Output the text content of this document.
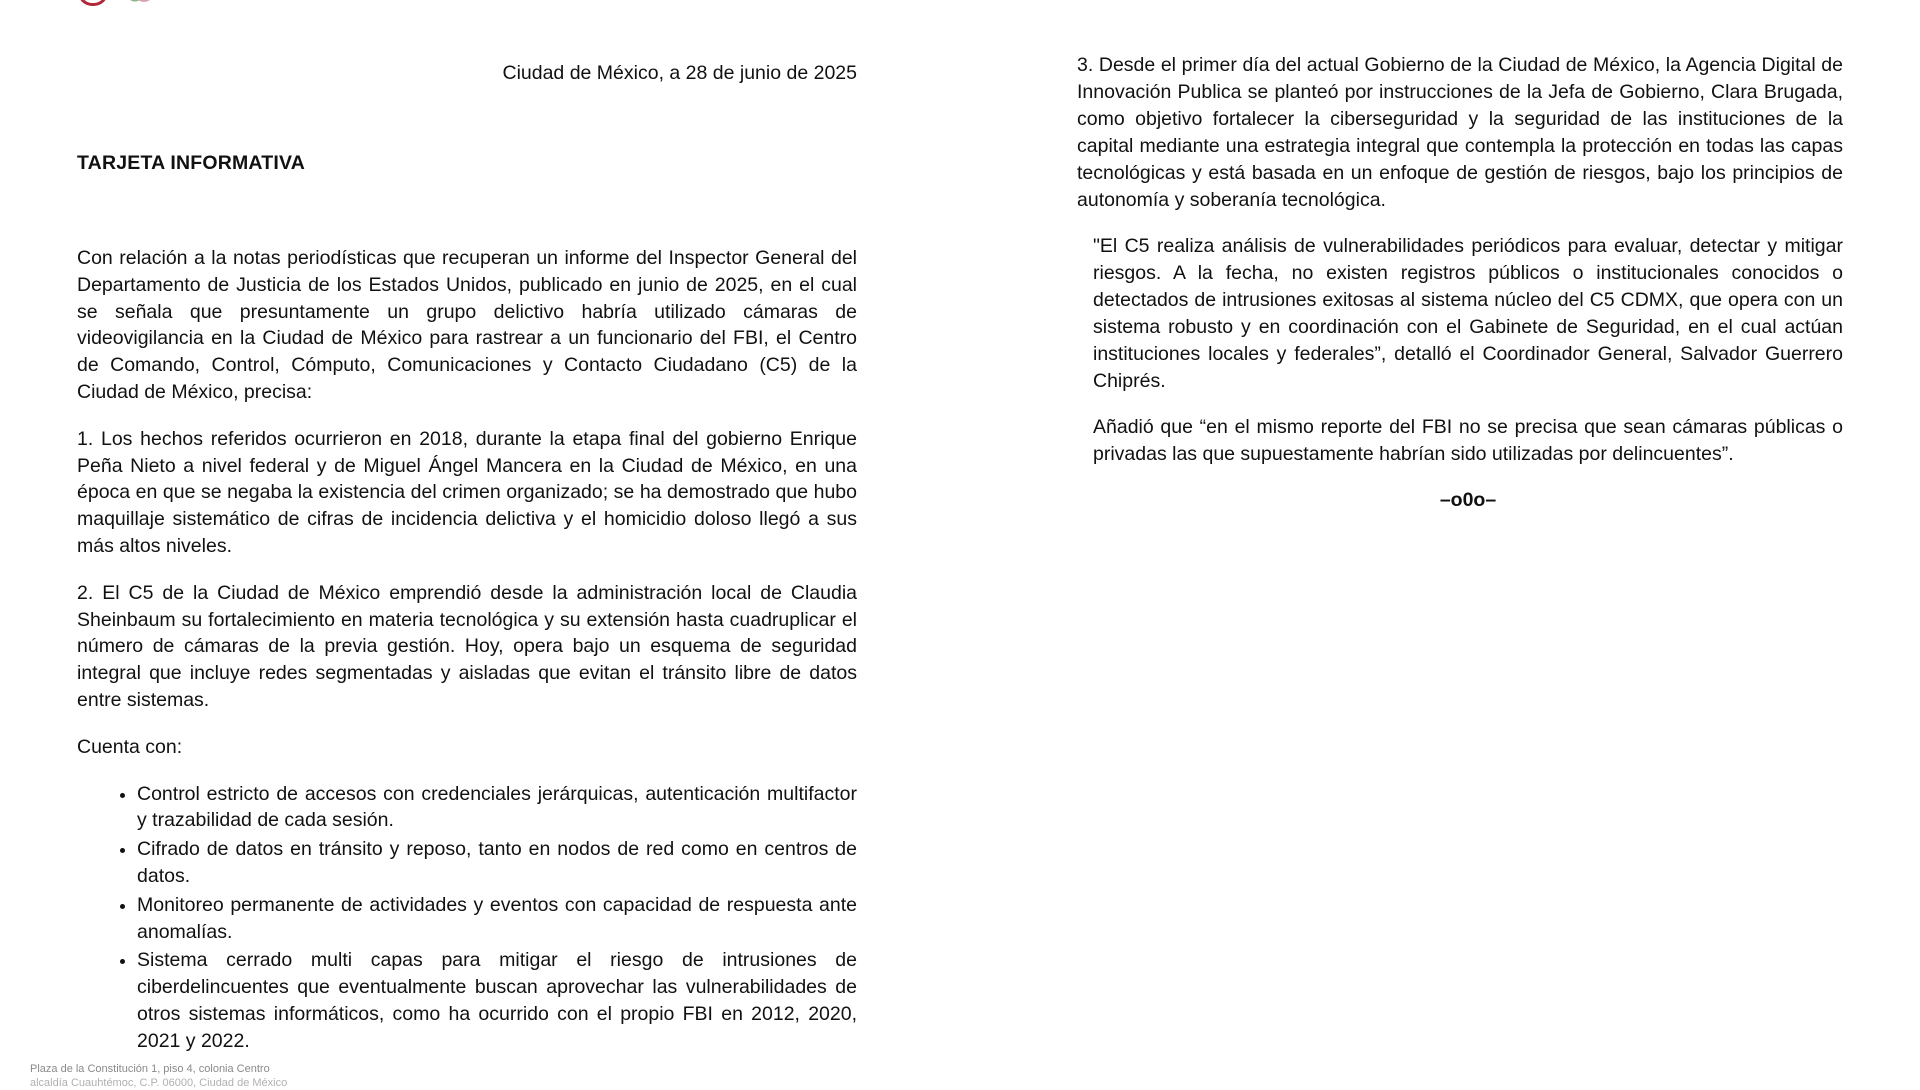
Ciudad de México, a 28 de junio de 2025
TARJETA INFORMATIVA

Con relación a la notas periodísticas que recuperan un informe del Inspector General del Departamento de Justicia de los Estados Unidos, publicado en junio de 2025, en el cual se señala que presuntamente un grupo delictivo habría utilizado cámaras de videovigilancia en la Ciudad de México para rastrear a un funcionario del FBI, el Centro de Comando, Control, Cómputo, Comunicaciones y Contacto Ciudadano (C5) de la Ciudad de México, precisa:

1. Los hechos referidos ocurrieron en 2018, durante la etapa final del gobierno Enrique Peña Nieto a nivel federal y de Miguel Ángel Mancera en la Ciudad de México, en una época en que se negaba la existencia del crimen organizado; se ha demostrado que hubo maquillaje sistemático de cifras de incidencia delictiva y el homicidio doloso llegó a sus más altos niveles.

2. El C5 de la Ciudad de México emprendió desde la administración local de Claudia Sheinbaum su fortalecimiento en materia tecnológica y su extensión hasta cuadruplicar el número de cámaras de la previa gestión. Hoy, opera bajo un esquema de seguridad integral que incluye redes segmentadas y aisladas que evitan el tránsito libre de datos entre sistemas.

Cuenta con:

• Control estricto de accesos con credenciales jerárquicas, autenticación multifactor y trazabilidad de cada sesión.
• Cifrado de datos en tránsito y reposo, tanto en nodos de red como en centros de datos.
• Monitoreo permanente de actividades y eventos con capacidad de respuesta ante anomalías.
• Sistema cerrado multi capas para mitigar el riesgo de intrusiones de ciberdelincuentes que eventualmente buscan aprovechar las vulnerabilidades de otros sistemas informáticos, como ha ocurrido con el propio FBI en 2012, 2020, 2021 y 2022.
Plaza de la Constitución 1, piso 4, colonia Centro
alcaldía Cuauhtémoc, C.P. 06000, Ciudad de México

3. Desde el primer día del actual Gobierno de la Ciudad de México, la Agencia Digital de Innovación Publica se planteó por instrucciones de la Jefa de Gobierno, Clara Brugada, como objetivo fortalecer la ciberseguridad y la seguridad de las instituciones de la capital mediante una estrategia integral que contempla la protección en todas las capas tecnológicas y está basada en un enfoque de gestión de riesgos, bajo los principios de autonomía y soberanía tecnológica.

"El C5 realiza análisis de vulnerabilidades periódicos para evaluar, detectar y mitigar riesgos. A la fecha, no existen registros públicos o institucionales conocidos o detectados de intrusiones exitosas al sistema núcleo del C5 CDMX, que opera con un sistema robusto y en coordinación con el Gabinete de Seguridad, en el cual actúan instituciones locales y federales”, detalló el Coordinador General, Salvador Guerrero Chiprés.

Añadió que “en el mismo reporte del FBI no se precisa que sean cámaras públicas o privadas las que supuestamente habrían sido utilizadas por delincuentes”.

–o0o–
